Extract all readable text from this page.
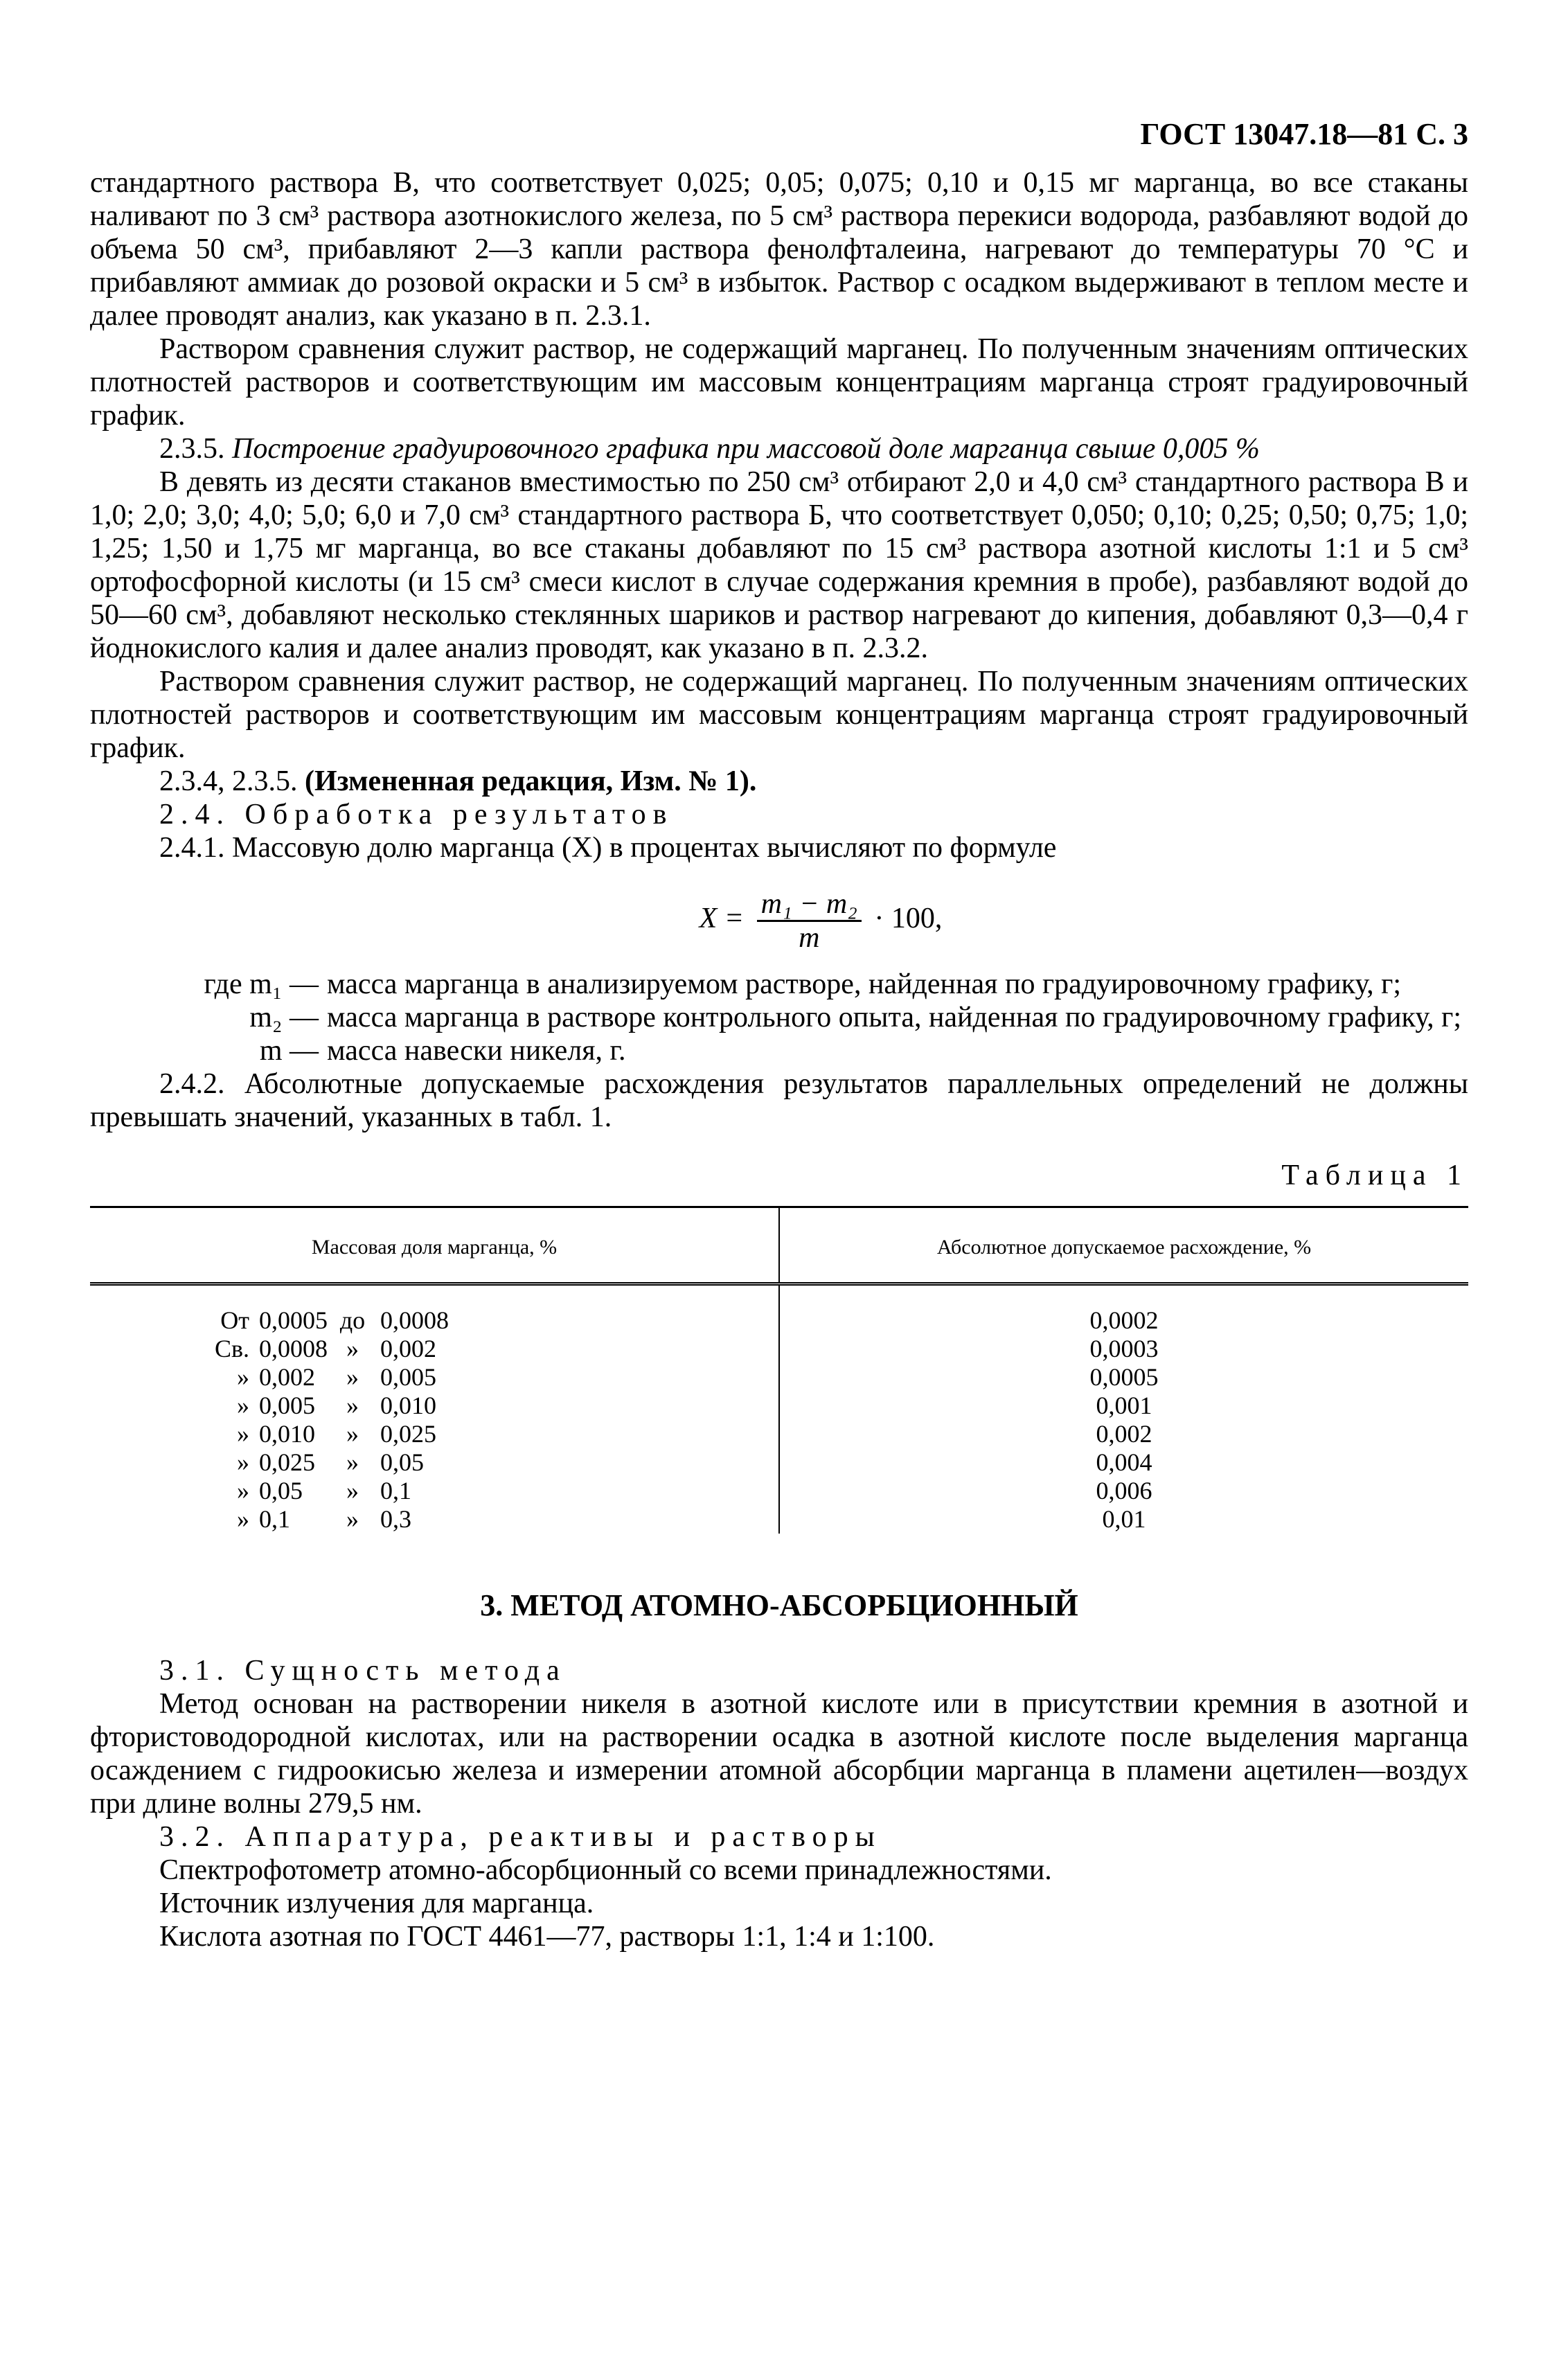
ГОСТ 13047.18—81 С. 3

стандартного раствора В, что соответствует 0,025; 0,05; 0,075; 0,10 и 0,15 мг марганца, во все стаканы наливают по 3 см³ раствора азотнокислого железа, по 5 см³ раствора перекиси водорода, разбавляют водой до объема 50 см³, прибавляют 2—3 капли раствора фенолфталеина, нагревают до температуры 70 °С и прибавляют аммиак до розовой окраски и 5 см³ в избыток. Раствор с осадком выдерживают в теплом месте и далее проводят анализ, как указано в п. 2.3.1.

Раствором сравнения служит раствор, не содержащий марганец. По полученным значениям оптических плотностей растворов и соответствующим им массовым концентрациям марганца строят градуировочный график.

2.3.5. Построение градуировочного графика при массовой доле марганца свыше 0,005 %

В девять из десяти стаканов вместимостью по 250 см³ отбирают 2,0 и 4,0 см³ стандартного раствора В и 1,0; 2,0; 3,0; 4,0; 5,0; 6,0 и 7,0 см³ стандартного раствора Б, что соответствует 0,050; 0,10; 0,25; 0,50; 0,75; 1,0; 1,25; 1,50 и 1,75 мг марганца, во все стаканы добавляют по 15 см³ раствора азотной кислоты 1:1 и 5 см³ ортофосфорной кислоты (и 15 см³ смеси кислот в случае содержания кремния в пробе), разбавляют водой до 50—60 см³, добавляют несколько стеклянных шариков и раствор нагревают до кипения, добавляют 0,3—0,4 г йоднокислого калия и далее анализ проводят, как указано в п. 2.3.2.

Раствором сравнения служит раствор, не содержащий марганец. По полученным значениям оптических плотностей растворов и соответствующим им массовым концентрациям марганца строят градуировочный график.

2.3.4, 2.3.5. (Измененная редакция, Изм. № 1).

2.4. Обработка результатов

2.4.1. Массовую долю марганца (X) в процентах вычисляют по формуле

$X = \frac{\text{m₁ − m₂}}{m} \cdot 100$,
где m₁ — масса марганца в анализируемом растворе, найденная по градуировочному графику, г;
m₂ — масса марганца в растворе контрольного опыта, найденная по градуировочному графику, г;
m — масса навески никеля, г.

2.4.2. Абсолютные допускаемые расхождения результатов параллельных определений не должны превышать значений, указанных в табл. 1.

Таблица 1
Массовая доля марганца, %	Абсолютное допускаемое расхождение, %

От 0,0005 до 0,0008	0,0002

Св. 0,0008 » 0,002	0,0003

» 0,002 » 0,005	0,0005

» 0,005 » 0,010	0,001

» 0,010 » 0,025	0,002

» 0,025 » 0,05	0,004

» 0,05 » 0,1	0,006

» 0,1 » 0,3	0,01
3. МЕТОД АТОМНО-АБСОРБЦИОННЫЙ

3.1. Сущность метода

Метод основан на растворении никеля в азотной кислоте или в присутствии кремния в азотной и фтористоводородной кислотах, или на растворении осадка в азотной кислоте после выделения марганца осаждением с гидроокисью железа и измерении атомной абсорбции марганца в пламени ацетилен—воздух при длине волны 279,5 нм.

3.2. Аппаратура, реактивы и растворы

Спектрофотометр атомно-абсорбционный со всеми принадлежностями.

Источник излучения для марганца.

Кислота азотная по ГОСТ 4461—77, растворы 1:1, 1:4 и 1:100.
